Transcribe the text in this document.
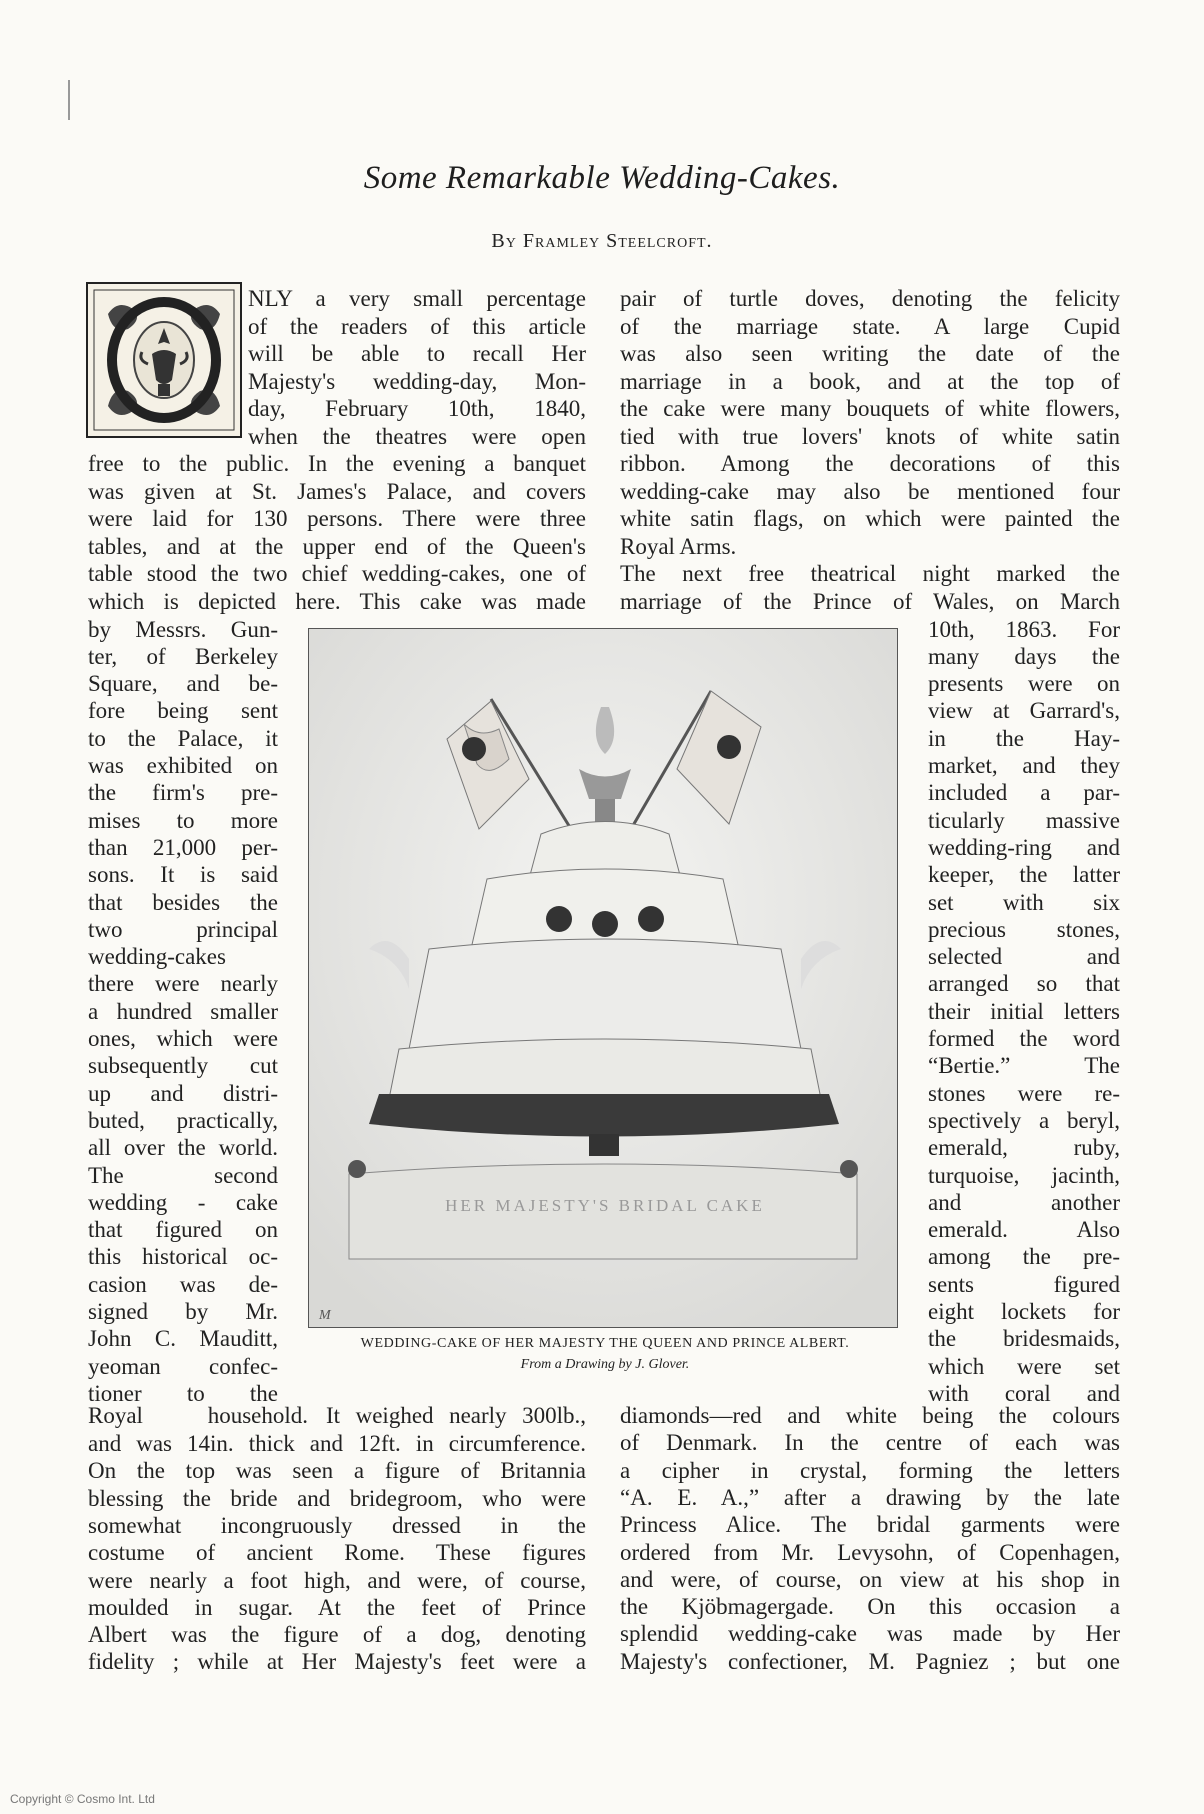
Some Remarkable Wedding-Cakes.
By Framley Steelcroft.
O
NLY a very small percentage
of the readers of this article
will be able to recall Her
Majesty's wedding-day, Mon-
day, February 10th, 1840,
when the theatres were open
free to the public. In the evening a banquet
was given at St. James's Palace, and covers
were laid for 130 persons. There were three
tables, and at the upper end of the Queen's
table stood the two chief wedding-cakes, one of
which is depicted here. This cake was made
by Messrs. Gun-
ter, of Berkeley
Square, and be-
fore being sent
to the Palace, it
was exhibited on
the firm's pre-
mises to more
than 21,000 per-
sons. It is said
that besides the
two principal
wedding-cakes
there were nearly
a hundred smaller
ones, which were
subsequently cut
up and distri-
buted, practically,
all over the world.
The second
wedding - cake
that figured on
this historical oc-
casion was de-
signed by Mr.
John C. Mauditt,
yeoman confec-
tioner to the
Royal household. It weighed nearly 300lb.,
and was 14in. thick and 12ft. in circumference.
On the top was seen a figure of Britannia
blessing the bride and bridegroom, who were
somewhat incongruously dressed in the
costume of ancient Rome. These figures
were nearly a foot high, and were, of course,
moulded in sugar. At the feet of Prince
Albert was the figure of a dog, denoting
fidelity ; while at Her Majesty's feet were a
pair of turtle doves, denoting the felicity
of the marriage state. A large Cupid
was also seen writing the date of the
marriage in a book, and at the top of
the cake were many bouquets of white flowers,
tied with true lovers' knots of white satin
ribbon. Among the decorations of this
wedding-cake may also be mentioned four
white satin flags, on which were painted the
Royal Arms.
The next free theatrical night marked the
marriage of the Prince of Wales, on March
10th, 1863. For
many days the
presents were on
view at Garrard's,
in the Hay-
market, and they
included a par-
ticularly massive
wedding-ring and
keeper, the latter
set with six
precious stones,
selected and
arranged so that
their initial letters
formed the word
“Bertie.” The
stones were re-
spectively a beryl,
emerald, ruby,
turquoise, jacinth,
and another
emerald. Also
among the pre-
sents figured
eight lockets for
the bridesmaids,
which were set
with coral and
diamonds—red and white being the colours
of Denmark. In the centre of each was
a cipher in crystal, forming the letters
“A. E. A.,” after a drawing by the late
Princess Alice. The bridal garments were
ordered from Mr. Levysohn, of Copenhagen,
and were, of course, on view at his shop in
the Kjöbmagergade. On this occasion a
splendid wedding-cake was made by Her
Majesty's confectioner, M. Pagniez ; but one
HER MAJESTY'S BRIDAL CAKE
M
WEDDING-CAKE OF HER MAJESTY THE QUEEN AND PRINCE ALBERT.
From a Drawing by J. Glover.
Copyright © Cosmo Int. Ltd
